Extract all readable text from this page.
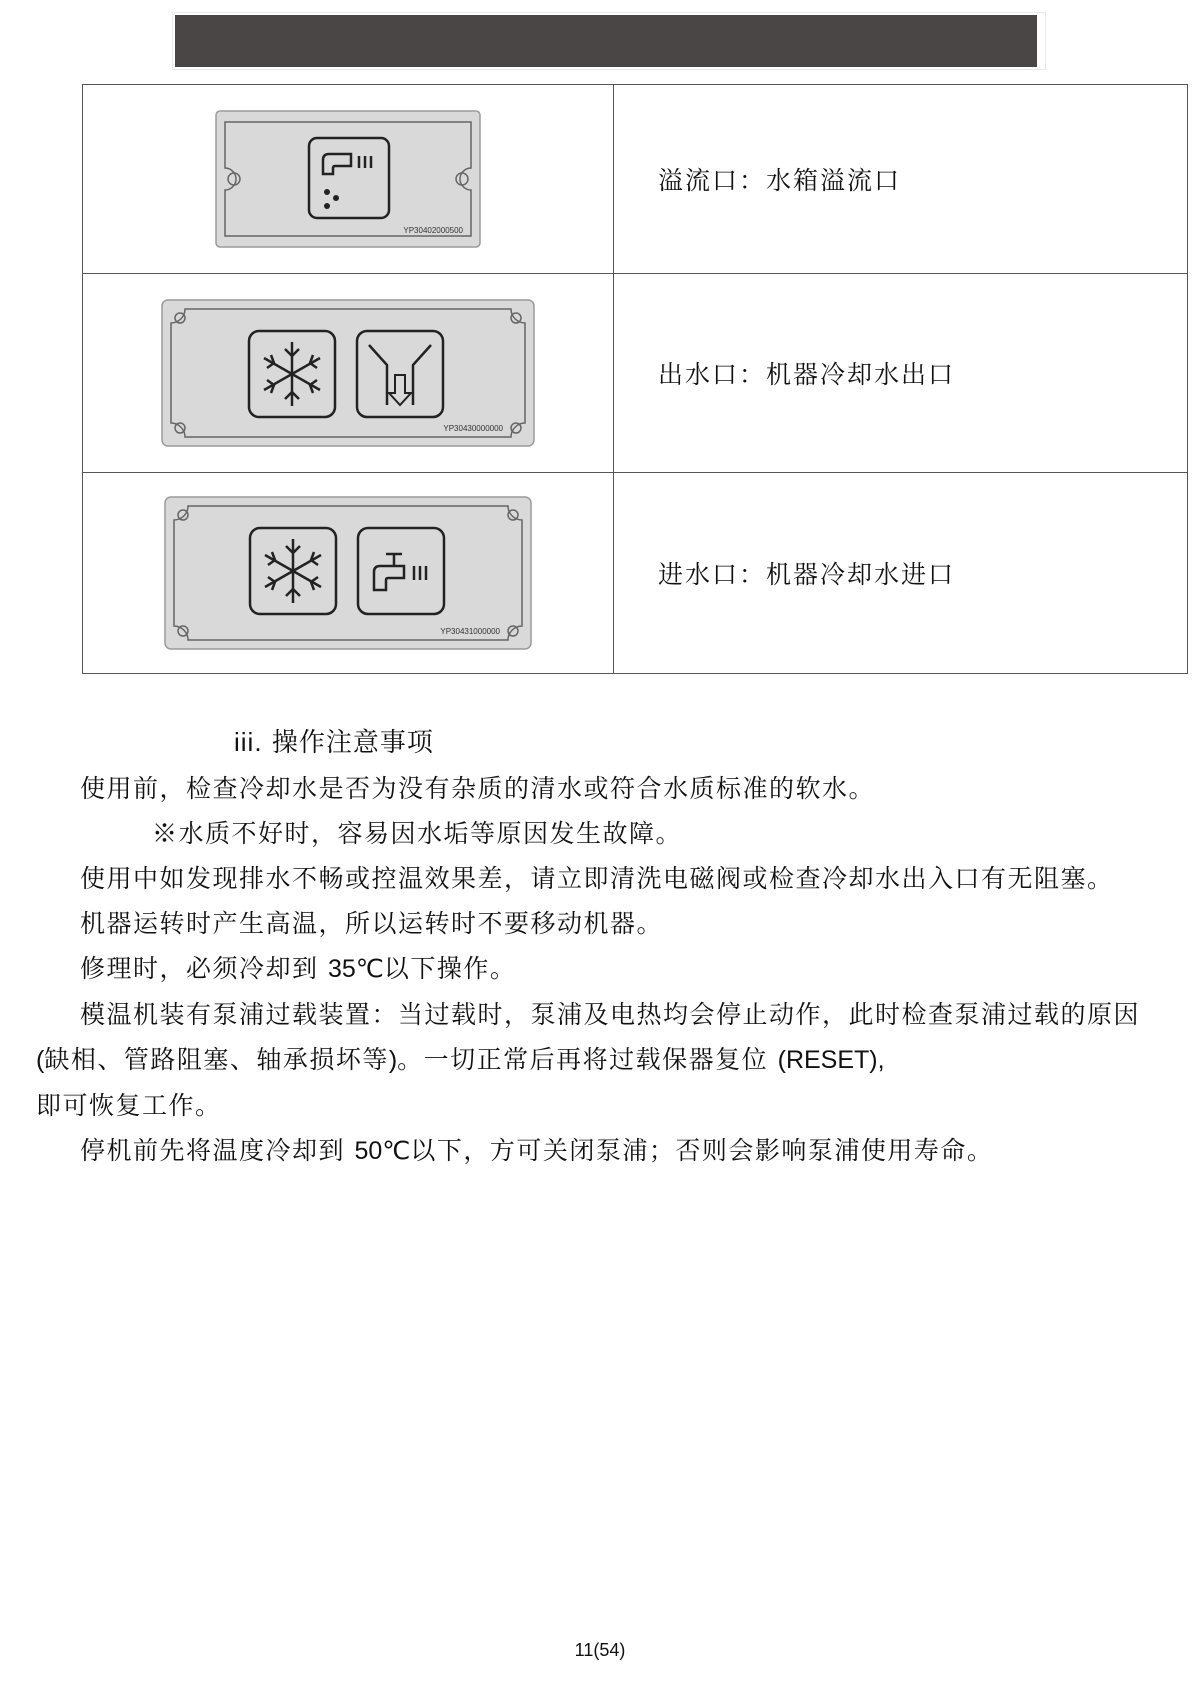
YP30402000500	溢流口：水箱溢流口

YP30430000000	出水口：机器冷却水出口

YP30431000000	进水口：机器冷却水进口
iii. 操作注意事项

使用前，检查冷却水是否为没有杂质的清水或符合水质标准的软水。

※水质不好时，容易因水垢等原因发生故障。

使用中如发现排水不畅或控温效果差，请立即清洗电磁阀或检查冷却水出入口有无阻塞。

机器运转时产生高温，所以运转时不要移动机器。

修理时，必须冷却到 35℃以下操作。

模温机装有泵浦过载装置：当过载时，泵浦及电热均会停止动作，此时检查泵浦过载的原因(缺相、管路阻塞、轴承损坏等)。一切正常后再将过载保器复位 (RESET),
即可恢复工作。

停机前先将温度冷却到 50℃以下，方可关闭泵浦；否则会影响泵浦使用寿命。

11(54)
